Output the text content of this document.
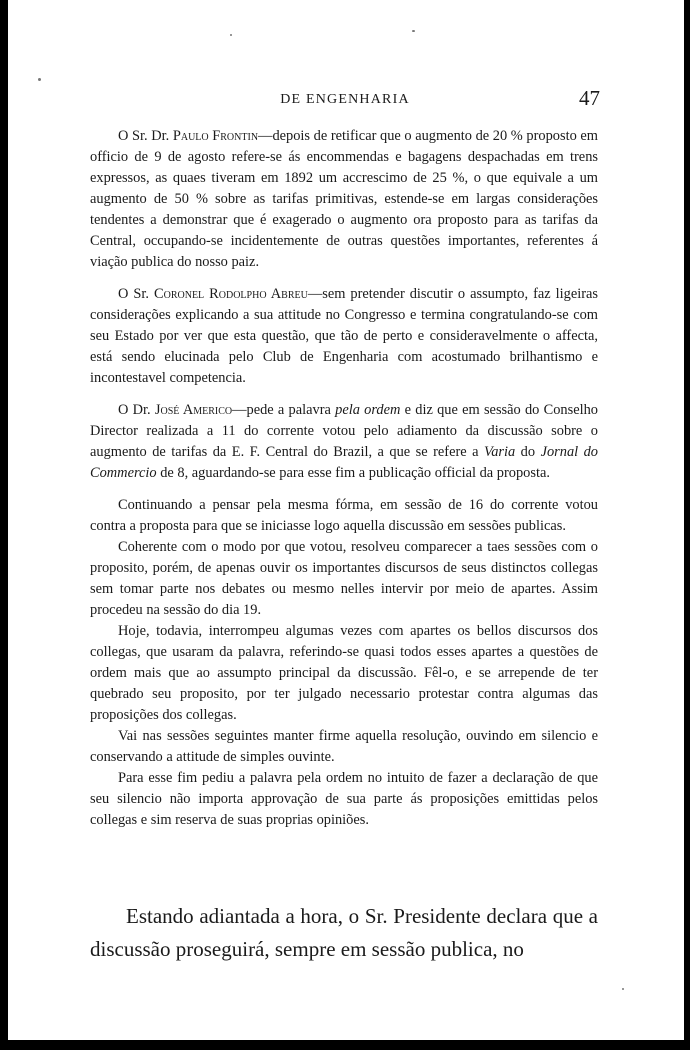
DE ENGENHARIA	47

O Sr. Dr. Paulo Frontin—depois de retificar que o augmento de 20 % proposto em officio de 9 de agosto refere-se ás encommendas e bagagens despachadas em trens expressos, as quaes tiveram em 1892 um accrescimo de 25 %, o que equivale a um augmento de 50 % sobre as tarifas primitivas, estende-se em largas considerações tendentes a demonstrar que é exagerado o augmento ora proposto para as tarifas da Central, occupando-se incidentemente de outras questões importantes, referentes á viação publica do nosso paiz.

O Sr. Coronel Rodolpho Abreu—sem pretender discutir o assumpto, faz ligeiras considerações explicando a sua attitude no Congresso e termina congratulando-se com seu Estado por ver que esta questão, que tão de perto e consideravelmente o affecta, está sendo elucinada pelo Club de Engenharia com acostumado brilhantismo e incontestavel competencia.

O Dr. José Americo—pede a palavra pela ordem e diz que em sessão do Conselho Director realizada a 11 do corrente votou pelo adiamento da discussão sobre o augmento de tarifas da E. F. Central do Brazil, a que se refere a Varia do Jornal do Commercio de 8, aguardando-se para esse fim a publicação official da proposta.

Continuando a pensar pela mesma fórma, em sessão de 16 do corrente votou contra a proposta para que se iniciasse logo aquella discussão em sessões publicas.

Coherente com o modo por que votou, resolveu comparecer a taes sessões com o proposito, porém, de apenas ouvir os importantes discursos de seus distinctos collegas sem tomar parte nos debates ou mesmo nelles intervir por meio de apartes. Assim procedeu na sessão do dia 19.

Hoje, todavia, interrompeu algumas vezes com apartes os bellos discursos dos collegas, que usaram da palavra, referindo-se quasi todos esses apartes a questões de ordem mais que ao assumpto principal da discussão. Fêl-o, e se arrepende de ter quebrado seu proposito, por ter julgado necessario protestar contra algumas das proposições dos collegas.

Vai nas sessões seguintes manter firme aquella resolução, ouvindo em silencio e conservando a attitude de simples ouvinte.

Para esse fim pediu a palavra pela ordem no intuito de fazer a declaração de que seu silencio não importa approvação de sua parte ás proposições emittidas pelos collegas e sim reserva de suas proprias opiniões.

Estando adiantada a hora, o Sr. Presidente declara que a discussão proseguirá, sempre em sessão publica, no
